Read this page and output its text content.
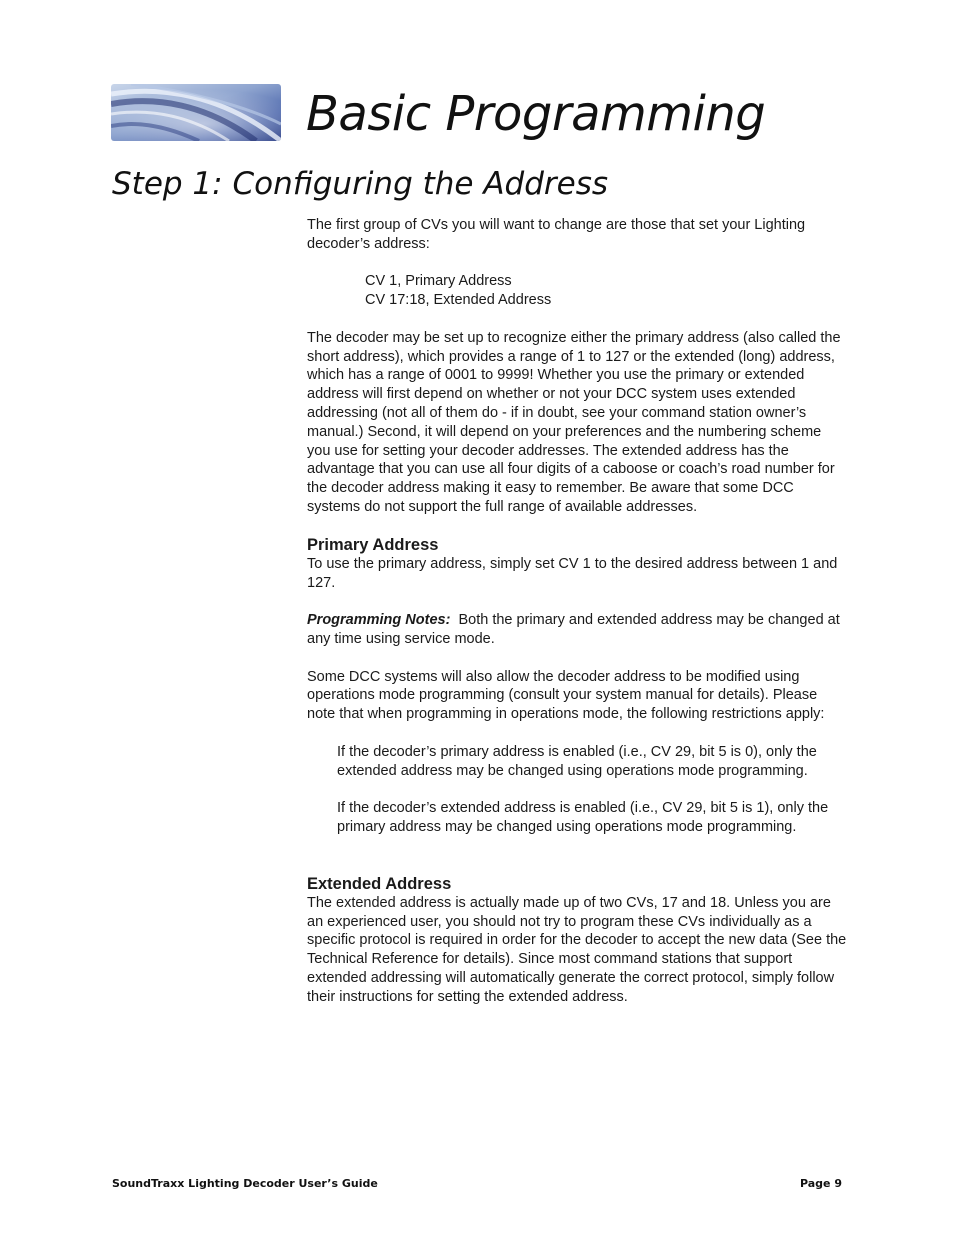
Basic Programming
Step 1: Configuring the Address

The first group of CVs you will want to change are those that set your Lighting decoder’s address:

CV 1, Primary Address
CV 17:18, Extended Address

The decoder may be set up to recognize either the primary address (also called the short address), which provides a range of 1 to 127 or the extended (long) address, which has a range of 0001 to 9999! Whether you use the primary or extended address will first depend on whether or not your DCC system uses extended addressing (not all of them do - if in doubt, see your command station owner’s manual.) Second, it will depend on your preferences and the numbering scheme you use for setting your decoder addresses. The extended address has the advantage that you can use all four digits of a caboose or coach’s road number for the decoder address making it easy to remember. Be aware that some DCC systems do not support the full range of available addresses.

Primary Address

To use the primary address, simply set CV 1 to the desired address between 1 and 127.

Programming Notes:  Both the primary and extended address may be changed at any time using service mode.

Some DCC systems will also allow the decoder address to be modified using operations mode programming (consult your system manual for details). Please note that when programming in operations mode, the following restrictions apply:

If the decoder’s primary address is enabled (i.e., CV 29, bit 5 is 0), only the extended address may be changed using operations mode programming.

If the decoder’s extended address is enabled (i.e., CV 29, bit 5 is 1), only the primary address may be changed using operations mode programming.

Extended Address

The extended address is actually made up of two CVs, 17 and 18. Unless you are an experienced user, you should not try to program these CVs individually as a specific protocol is required in order for the decoder to accept the new data (See the Technical Reference for details). Since most command stations that support extended addressing will automatically generate the correct protocol, simply follow their instructions for setting the extended address.

SoundTraxx Lighting Decoder User’s Guide	Page 9
